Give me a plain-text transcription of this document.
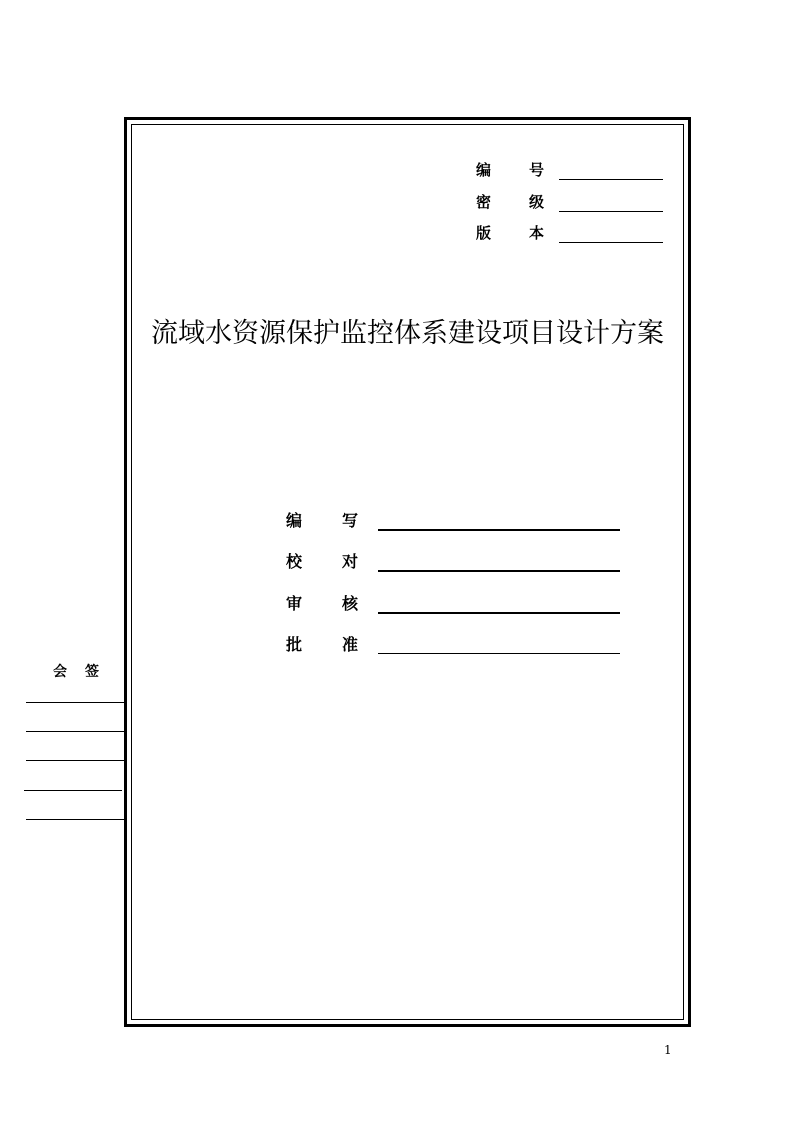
编	号
密	级
版	本
流域水资源保护监控体系建设项目设计方案
编 写
校 对
审 核
批 准
会 签
1
